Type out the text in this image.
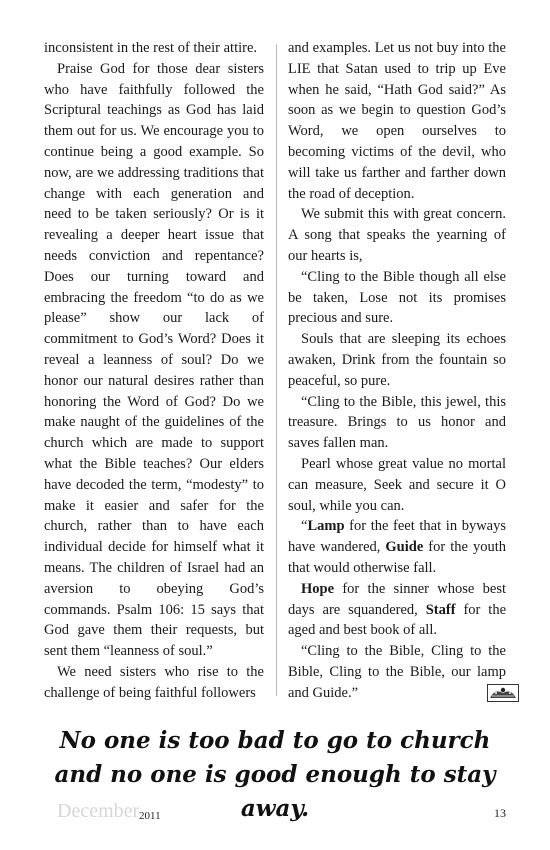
inconsistent in the rest of their attire.

Praise God for those dear sisters who have faithfully followed the Scriptural teachings as God has laid them out for us. We encourage you to continue being a good example. So now, are we addressing traditions that change with each generation and need to be taken seriously? Or is it revealing a deeper heart issue that needs conviction and repentance? Does our turning toward and embracing the freedom “to do as we please” show our lack of commitment to God’s Word? Does it reveal a leanness of soul? Do we honor our natural desires rather than honoring the Word of God? Do we make naught of the guidelines of the church which are made to support what the Bible teaches? Our elders have decoded the term, “modesty” to make it easier and safer for the church, rather than to have each individual decide for himself what it means. The children of Israel had an aversion to obeying God’s commands. Psalm 106: 15 says that God gave them their requests, but sent them “leanness of soul.”

We need sisters who rise to the challenge of being faithful followers

and examples. Let us not buy into the LIE that Satan used to trip up Eve when he said, “Hath God said?” As soon as we begin to question God’s Word, we open ourselves to becoming victims of the devil, who will take us farther and farther down the road of deception.

We submit this with great concern. A song that speaks the yearning of our hearts is,

“Cling to the Bible though all else be taken, Lose not its promises precious and sure.

Souls that are sleeping its echoes awaken, Drink from the fountain so peaceful, so pure.

“Cling to the Bible, this jewel, this treasure. Brings to us honor and saves fallen man.

Pearl whose great value no mortal can measure, Seek and secure it O soul, while you can.

“Lamp for the feet that in byways have wandered, Guide for the youth that would otherwise fall.

Hope for the sinner whose best days are squandered, Staff for the aged and best book of all.

“Cling to the Bible, Cling to the Bible, Cling to the Bible, our lamp and Guide.”

No one is too bad to go to church and no one is good enough to stay away.
December 2011	13
